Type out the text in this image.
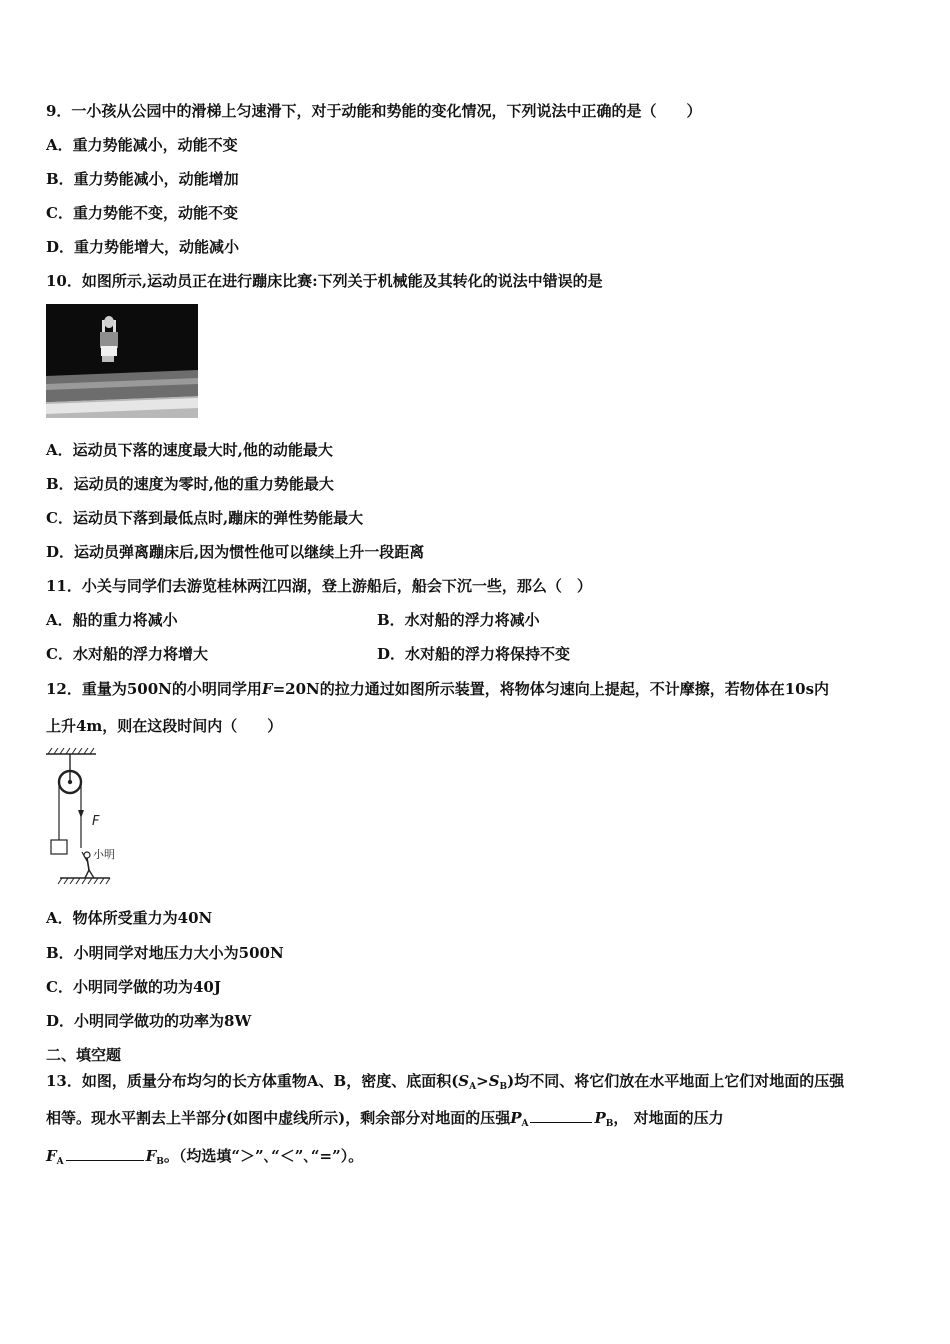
9．一小孩从公园中的滑梯上匀速滑下，对于动能和势能的变化情况，下列说法中正确的是（　　）
A．重力势能减小，动能不变
B．重力势能减小，动能增加
C．重力势能不变，动能不变
D．重力势能增大，动能减小
10．如图所示,运动员正在进行蹦床比赛:下列关于机械能及其转化的说法中错误的是
A．运动员下落的速度最大时,他的动能最大
B．运动员的速度为零时,他的重力势能最大
C．运动员下落到最低点时,蹦床的弹性势能最大
D．运动员弹离蹦床后,因为惯性他可以继续上升一段距离
11．小关与同学们去游览桂林两江四湖，登上游船后，船会下沉一些，那么（　）
A．船的重力将减小	B．水对船的浮力将减小
C．水对船的浮力将增大	D．水对船的浮力将保持不变
12．重量为500N的小明同学用F=20N的拉力通过如图所示装置，将物体匀速向上提起，不计摩擦，若物体在10s内
上升4m，则在这段时间内（　　）
F
小明
A．物体所受重力为40N
B．小明同学对地压力大小为500N
C．小明同学做的功为40J
D．小明同学做功的功率为8W
二、填空题
13．如图，质量分布均匀的长方体重物A、B，密度、底面积$(S_A>S_B)$均不同、将它们放在水平地面上它们对地面的压强
相等。现水平割去上半部分(如图中虚线所示)，剩余部分对地面的压强$P_A$	$P_B$， 对地面的压力
$F_A$	$F_B$。（均选填“＞”､“＜”､“=”）。
